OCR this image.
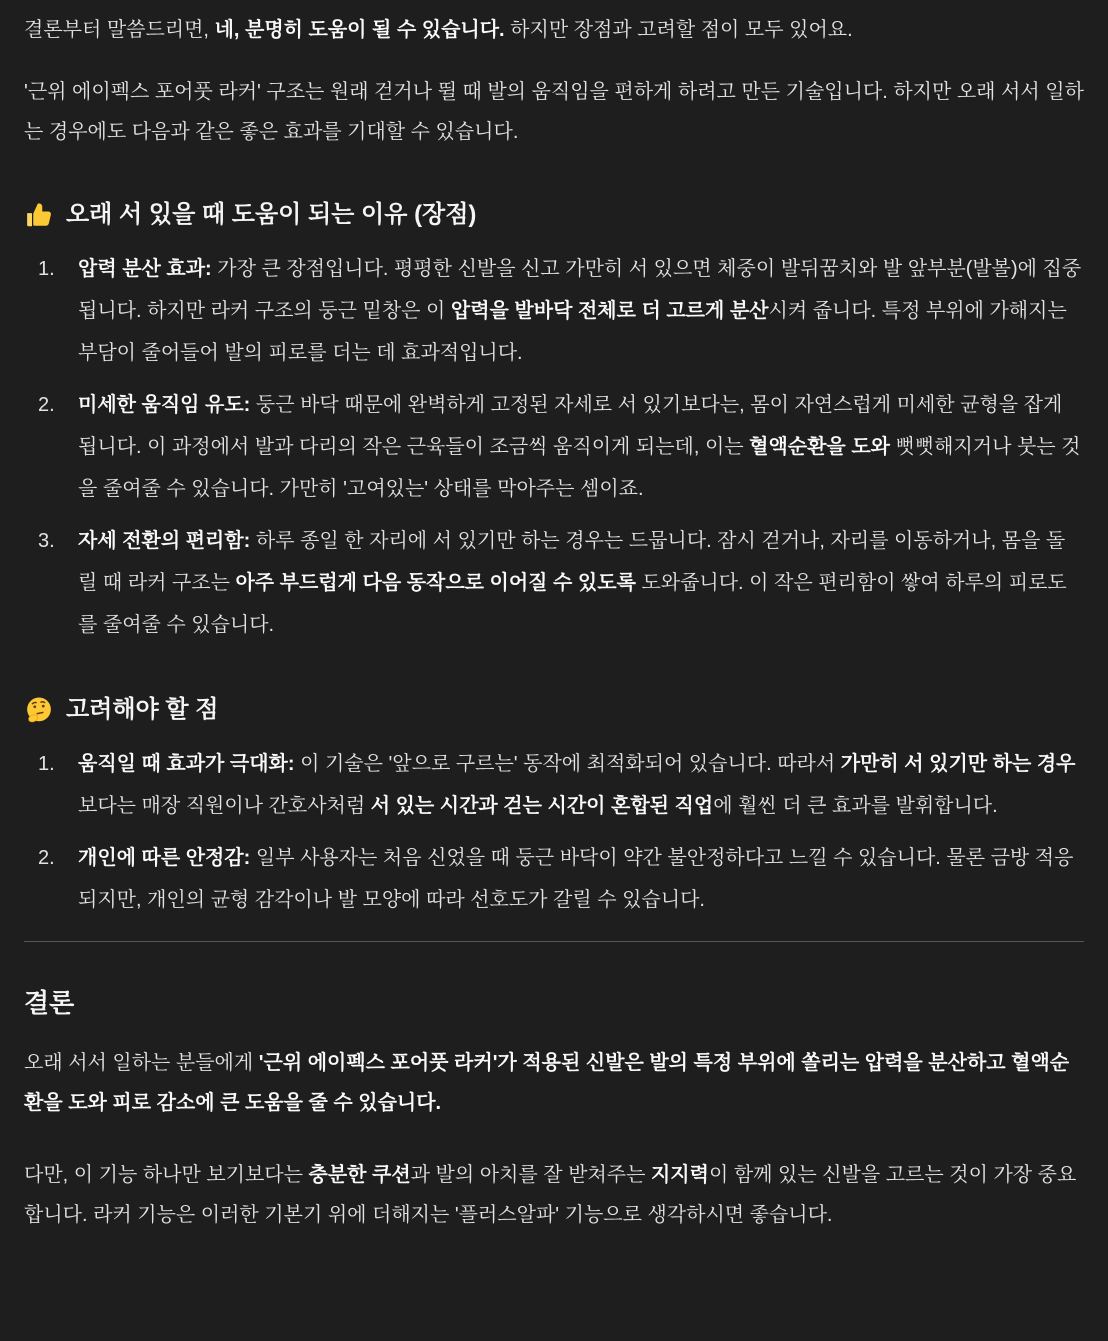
결론부터 말씀드리면, 네, 분명히 도움이 될 수 있습니다. 하지만 장점과 고려할 점이 모두 있어요.

'근위 에이펙스 포어풋 라커' 구조는 원래 걷거나 뛸 때 발의 움직임을 편하게 하려고 만든 기술입니다. 하지만 오래 서서 일하는 경우에도 다음과 같은 좋은 효과를 기대할 수 있습니다.

오래 서 있을 때 도움이 되는 이유 (장점)
1. 압력 분산 효과: 가장 큰 장점입니다. 평평한 신발을 신고 가만히 서 있으면 체중이 발뒤꿈치와 발 앞부분(발볼)에 집중됩니다. 하지만 라커 구조의 둥근 밑창은 이 압력을 발바닥 전체로 더 고르게 분산시켜 줍니다. 특정 부위에 가해지는 부담이 줄어들어 발의 피로를 더는 데 효과적입니다.
2. 미세한 움직임 유도: 둥근 바닥 때문에 완벽하게 고정된 자세로 서 있기보다는, 몸이 자연스럽게 미세한 균형을 잡게 됩니다. 이 과정에서 발과 다리의 작은 근육들이 조금씩 움직이게 되는데, 이는 혈액순환을 도와 뻣뻣해지거나 붓는 것을 줄여줄 수 있습니다. 가만히 '고여있는' 상태를 막아주는 셈이죠.
3. 자세 전환의 편리함: 하루 종일 한 자리에 서 있기만 하는 경우는 드뭅니다. 잠시 걷거나, 자리를 이동하거나, 몸을 돌릴 때 라커 구조는 아주 부드럽게 다음 동작으로 이어질 수 있도록 도와줍니다. 이 작은 편리함이 쌓여 하루의 피로도를 줄여줄 수 있습니다.
고려해야 할 점
1. 움직일 때 효과가 극대화: 이 기술은 '앞으로 구르는' 동작에 최적화되어 있습니다. 따라서 가만히 서 있기만 하는 경우보다는 매장 직원이나 간호사처럼 서 있는 시간과 걷는 시간이 혼합된 직업에 훨씬 더 큰 효과를 발휘합니다.
2. 개인에 따른 안정감: 일부 사용자는 처음 신었을 때 둥근 바닥이 약간 불안정하다고 느낄 수 있습니다. 물론 금방 적응되지만, 개인의 균형 감각이나 발 모양에 따라 선호도가 갈릴 수 있습니다.
결론

오래 서서 일하는 분들에게 '근위 에이펙스 포어풋 라커'가 적용된 신발은 발의 특정 부위에 쏠리는 압력을 분산하고 혈액순환을 도와 피로 감소에 큰 도움을 줄 수 있습니다.

다만, 이 기능 하나만 보기보다는 충분한 쿠션과 발의 아치를 잘 받쳐주는 지지력이 함께 있는 신발을 고르는 것이 가장 중요합니다. 라커 기능은 이러한 기본기 위에 더해지는 '플러스알파' 기능으로 생각하시면 좋습니다.
